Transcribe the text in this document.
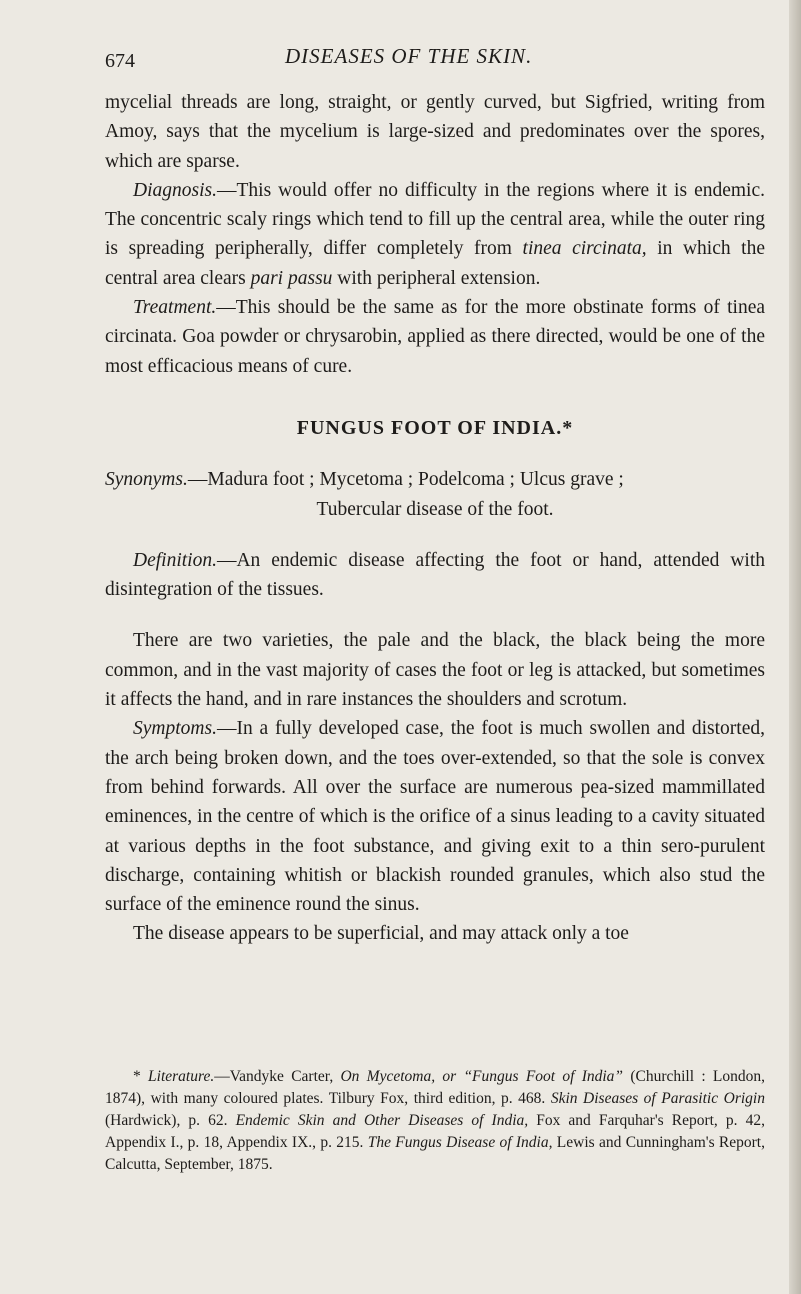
674	DISEASES OF THE SKIN.

mycelial threads are long, straight, or gently curved, but Sigfried, writing from Amoy, says that the mycelium is large-sized and predominates over the spores, which are sparse.

Diagnosis.—This would offer no difficulty in the regions where it is endemic. The concentric scaly rings which tend to fill up the central area, while the outer ring is spreading peripherally, differ completely from tinea circinata, in which the central area clears pari passu with peripheral extension.

Treatment.—This should be the same as for the more obstinate forms of tinea circinata. Goa powder or chrysarobin, applied as there directed, would be one of the most efficacious means of cure.

FUNGUS FOOT OF INDIA.*

Synonyms.—Madura foot ; Mycetoma ; Podelcoma ; Ulcus grave ;

Tubercular disease of the foot.

Definition.—An endemic disease affecting the foot or hand, attended with disintegration of the tissues.

There are two varieties, the pale and the black, the black being the more common, and in the vast majority of cases the foot or leg is attacked, but sometimes it affects the hand, and in rare instances the shoulders and scrotum.

Symptoms.—In a fully developed case, the foot is much swollen and distorted, the arch being broken down, and the toes over-extended, so that the sole is convex from behind forwards. All over the surface are numerous pea-sized mammillated eminences, in the centre of which is the orifice of a sinus leading to a cavity situated at various depths in the foot substance, and giving exit to a thin sero-purulent discharge, containing whitish or blackish rounded granules, which also stud the surface of the eminence round the sinus.

The disease appears to be superficial, and may attack only a toe

* Literature.—Vandyke Carter, On Mycetoma, or “Fungus Foot of India” (Churchill : London, 1874), with many coloured plates. Tilbury Fox, third edition, p. 468. Skin Diseases of Parasitic Origin (Hardwick), p. 62. Endemic Skin and Other Diseases of India, Fox and Farquhar's Report, p. 42, Appendix I., p. 18, Appendix IX., p. 215. The Fungus Disease of India, Lewis and Cunningham's Report, Calcutta, September, 1875.
